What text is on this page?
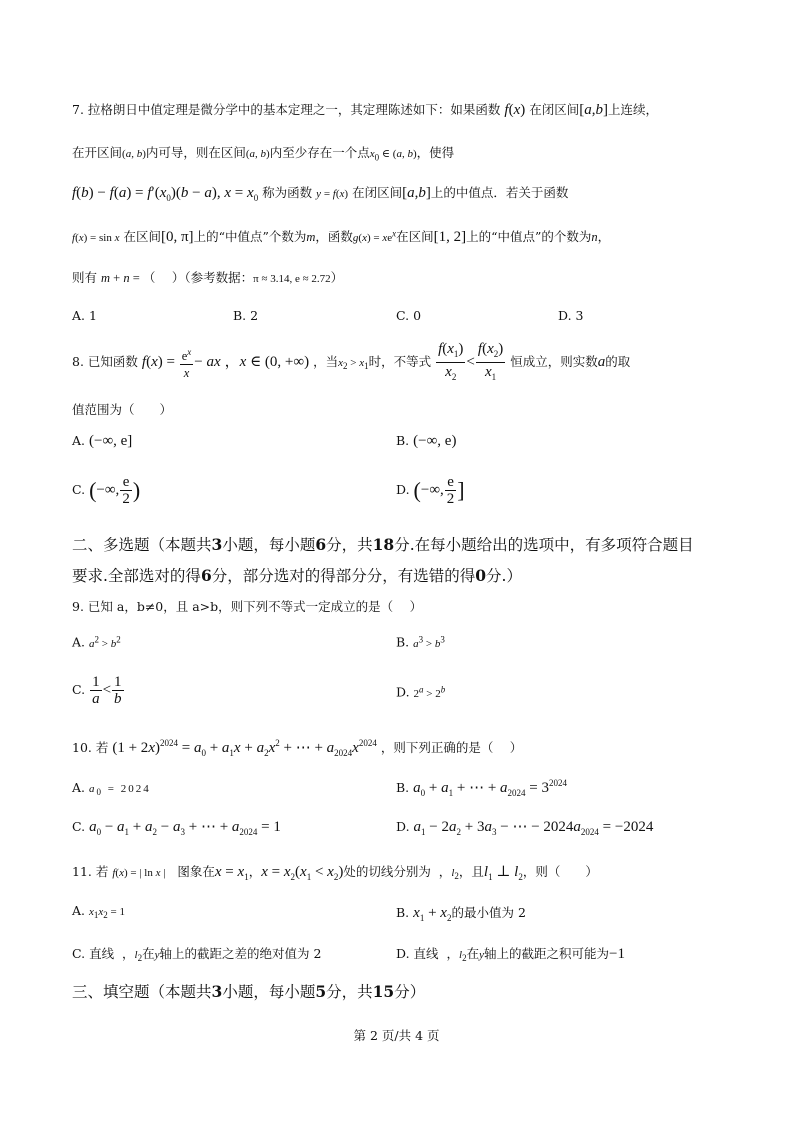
7. 拉格朗日中值定理是微分学中的基本定理之一，其定理陈述如下：如果函数 f(x) 在闭区间[a,b]上连续，
在开区间(a, b)内可导，则在区间(a, b)内至少存在一个点$x_0$ ∈ (a, b)，使得
$f(b) - f(a) = f'(x_0)(b - a)$, $x = x_0$ 称为函数 y = f(x) 在闭区间[a,b]上的中值点．若关于函数
f(x) = sin x 在区间[0, π]上的“中值点”个数为m，函数$g(x) = xe^x$在区间[1, 2]上的“中值点”的个数为n，
则有 m + n = （　 ）（参考数据：π ≈ 3.14, e ≈ 2.72）
A. 1	B. 2	C. 0	D. 3
8. 已知函数 $f(x) = \frac{e^x}{x}$ − ax ，x ∈ (0, +∞) ，当$x_2 > x_1$时，不等式 $\frac{f(x_1)}{x_2} < \frac{f(x_2)}{x_1}$ 恒成立，则实数a的取
值范围为（　　）
A. (−∞, e]	B. (−∞, e)
C. (−∞, $\frac{e}{2}$ )	D. (−∞, $\frac{e}{2}$ ]
二、多选题（本题共3小题，每小题6分，共18分.在每小题给出的选项中，有多项符合题目
要求.全部选对的得6分，部分选对的得部分分，有选错的得0分.）
9. 已知 a，b≠0，且 a>b，则下列不等式一定成立的是（　 ）
A. $a^2 > b^2$	B. $a^3 > b^3$
C. $\frac{1}{a} < \frac{1}{b}$	D. $2^a > 2^b$
10. 若 $(1 + 2x)^{2024} = a_0 + a_1x + a_2x^2$ + ⋯ + $a_{2024}x^{2024}$ ，则下列正确的是（　 ）
A. $a_0 = 2024$	B. $a_0 + a_1$ + ⋯ + $a_{2024} = 3^{2024}$
C. $a_0 - a_1 + a_2 - a_3$ + ⋯ + $a_{2024} = 1$	D. $a_1 - 2a_2 + 3a_3$ − ⋯ − $2024a_{2024} = -2024$
11. 若 f(x) = | ln x | 图象在$x = x_1$，$x = x_2(x_1 < x_2)$处的切线分别为 ，$l_2$，且$l_1$ ⊥ $l_2$，则（　　）
A. $x_1x_2 = 1$	B. $x_1 + x_2$的最小值为 2
C. 直线 ，$l_2$在y轴上的截距之差的绝对值为 2	D. 直线 ，$l_2$在y轴上的截距之积可能为−1
三、填空题（本题共3小题，每小题5分，共15分）
第 2 页/共 4 页
